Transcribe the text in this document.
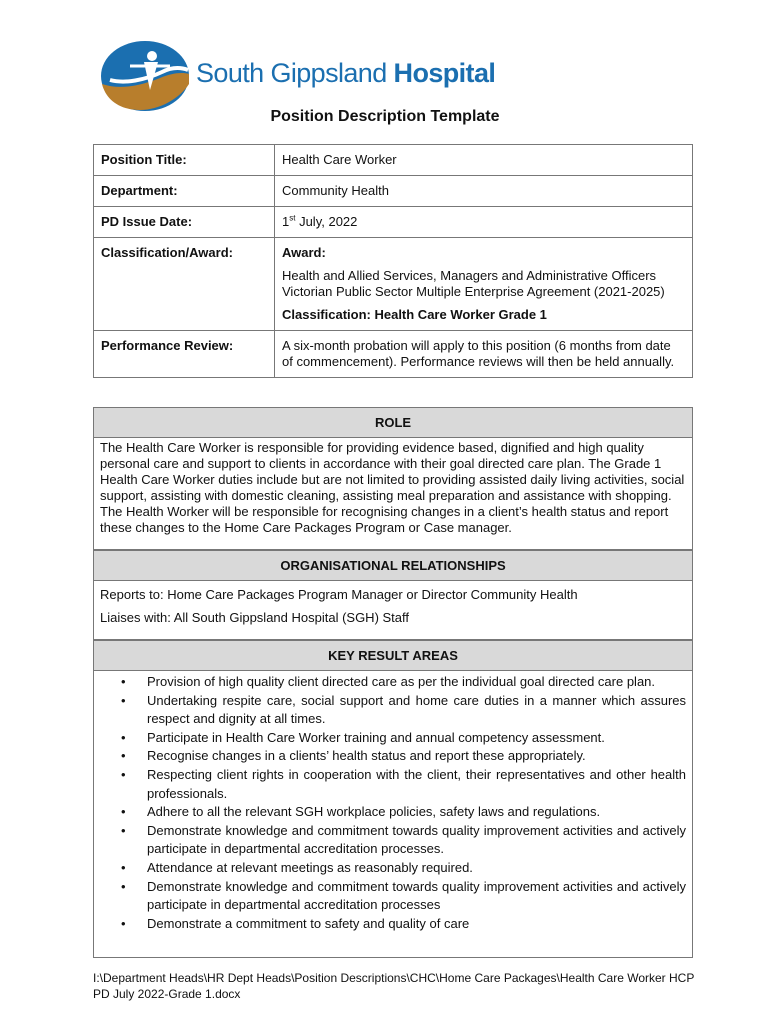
South Gippsland Hospital
Position Description Template
Position Title:	Health Care Worker
Department:	Community Health
PD Issue Date:	1st July, 2022
Classification/Award:	Award:

Health and Allied Services, Managers and Administrative Officers Victorian Public Sector Multiple Enterprise Agreement (2021-2025)

Classification: Health Care Worker Grade 1

Performance Review:	A six-month probation will apply to this position (6 months from date of commencement). Performance reviews will then be held annually.
ROLE

The Health Care Worker is responsible for providing evidence based, dignified and high quality personal care and support to clients in accordance with their goal directed care plan. The Grade 1 Health Care Worker duties include but are not limited to providing assisted daily living activities, social support, assisting with domestic cleaning, assisting meal preparation and assistance with shopping.

The Health Worker will be responsible for recognising changes in a client’s health status and report these changes to the Home Care Packages Program or Case manager.

ORGANISATIONAL RELATIONSHIPS

Reports to: Home Care Packages Program Manager or Director Community Health

Liaises with: All South Gippsland Hospital (SGH) Staff

KEY RESULT AREAS
• Provision of high quality client directed care as per the individual goal directed care plan.
• Undertaking respite care, social support and home care duties in a manner which assures respect and dignity at all times.
• Participate in Health Care Worker training and annual competency assessment.
• Recognise changes in a clients’ health status and report these appropriately.
• Respecting client rights in cooperation with the client, their representatives and other health professionals.
• Adhere to all the relevant SGH workplace policies, safety laws and regulations.
• Demonstrate knowledge and commitment towards quality improvement activities and actively participate in departmental accreditation processes.
• Attendance at relevant meetings as reasonably required.
• Demonstrate knowledge and commitment towards quality improvement activities and actively participate in departmental accreditation processes
• Demonstrate a commitment to safety and quality of care
I:\Department Heads\HR Dept Heads\Position Descriptions\CHC\Home Care Packages\Health Care Worker HCP PD July 2022-Grade 1.docx
